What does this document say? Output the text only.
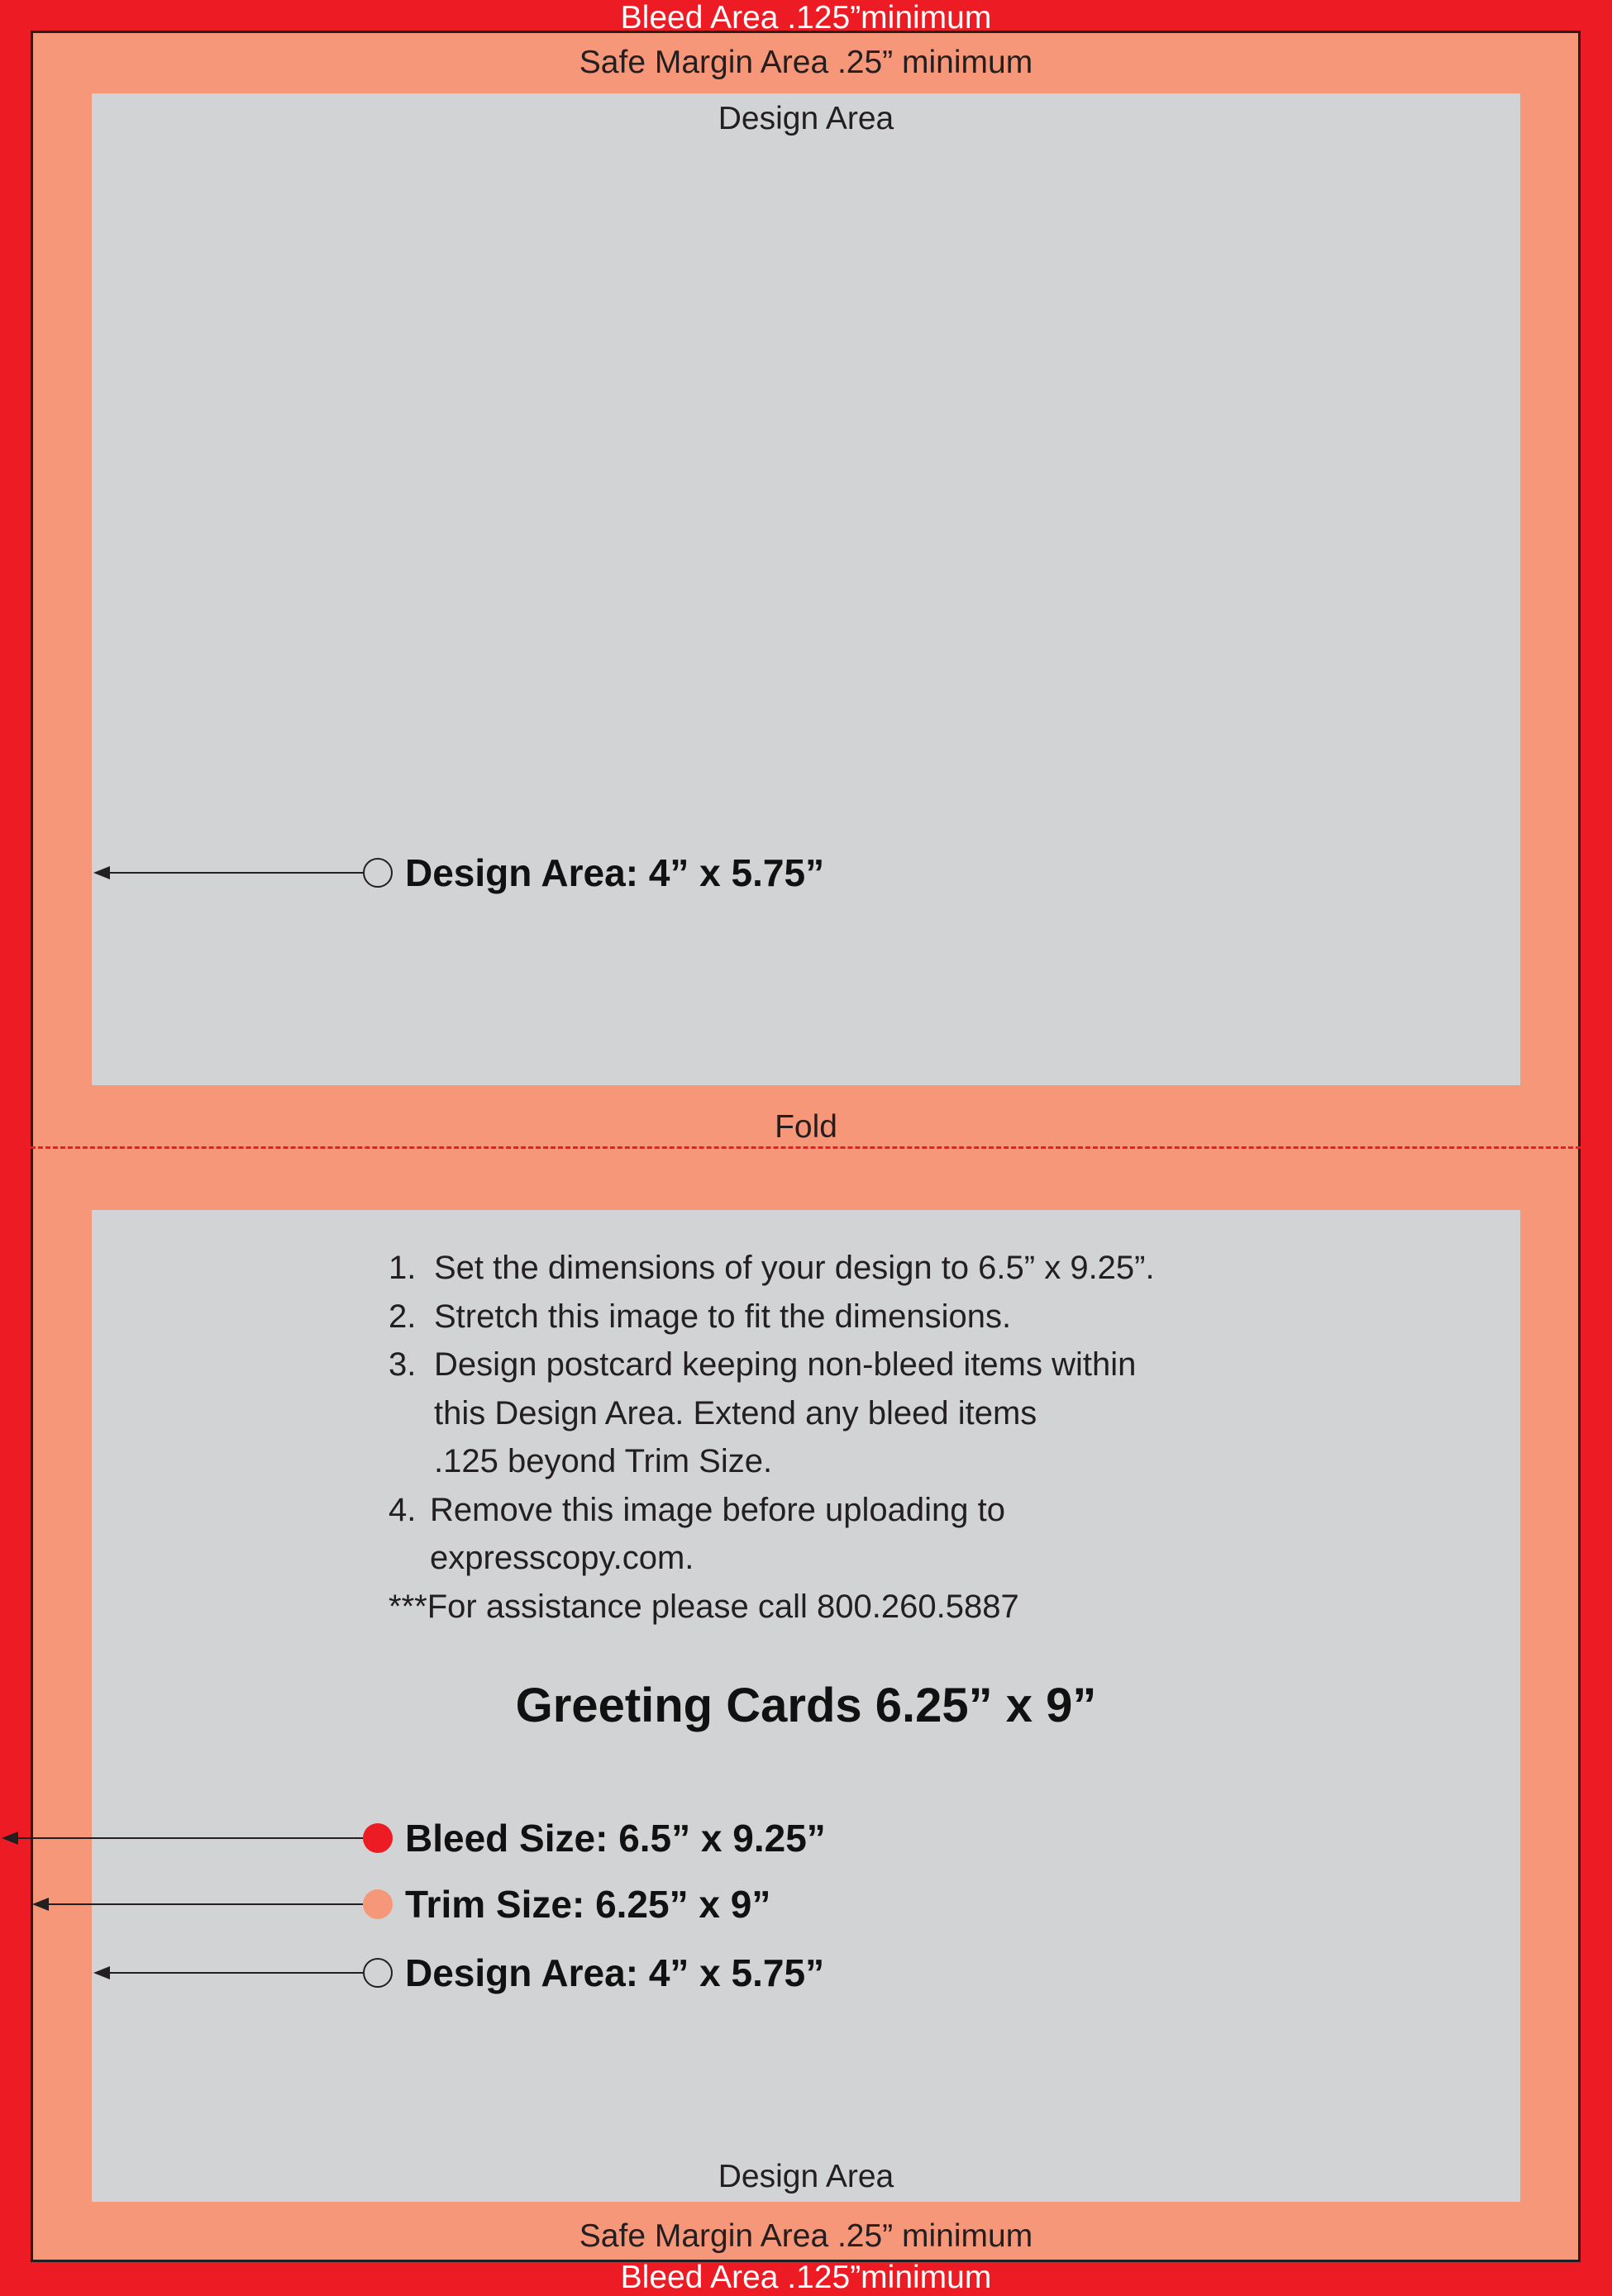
Bleed Area .125”minimum
Safe Margin Area .25” minimum
Design Area
Fold
Design Area
Safe Margin Area .25” minimum
Bleed Area .125”minimum
Design Area: 4” x 5.75”
1. Set the dimensions of your design to 6.5” x 9.25”.
2. Stretch this image to fit the dimensions.
3. Design postcard keeping non-bleed items within
this Design Area. Extend any bleed items
.125 beyond Trim Size.
4. Remove this image before uploading to
expresscopy.com.
***For assistance please call 800.260.5887
Greeting Cards 6.25” x 9”
Bleed Size: 6.5” x 9.25”
Trim Size: 6.25” x 9”
Design Area: 4” x 5.75”
